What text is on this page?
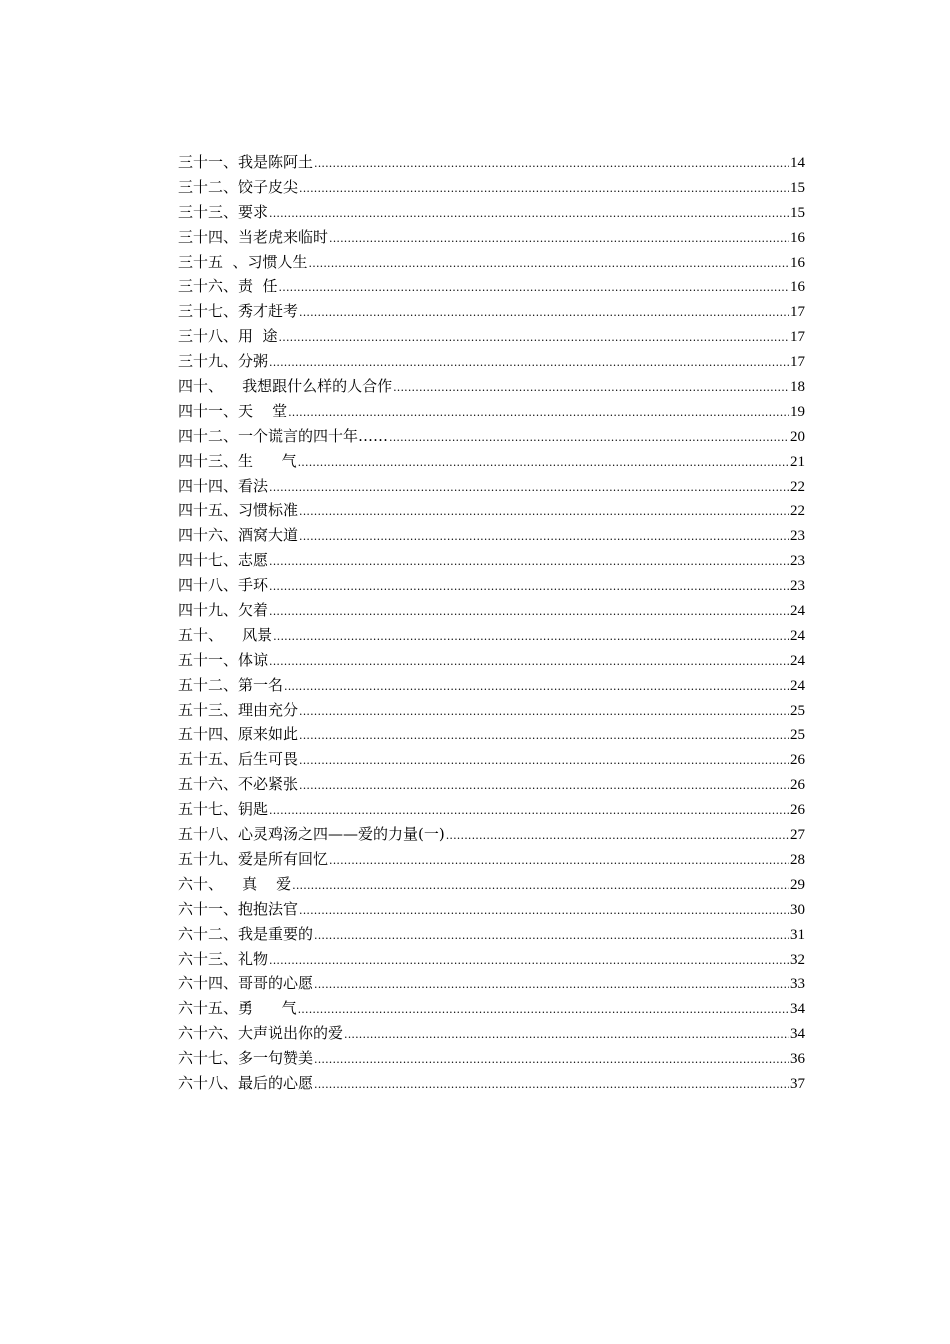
三十一、我是陈阿土 .....	14
三十二、饺子皮尖 .....	15
三十三、要求 .....	15
三十四、当老虎来临时 .....	16
三十五  、习惯人生 .....	16
三十六、责  任 .....	16
三十七、秀才赶考 .....	17
三十八、用  途 .....	17
三十九、分粥 .....	17
四十、    我想跟什么样的人合作 .....	18
四十一、天    堂 .....	19
四十二、一个谎言的四十年…… .....	20
四十三、生      气 .....	21
四十四、看法 .....	22
四十五、习惯标准 .....	22
四十六、酒窝大道 .....	23
四十七、志愿 .....	23
四十八、手环 .....	23
四十九、欠着 .....	24
五十、    风景 .....	24
五十一、体谅 .....	24
五十二、第一名 .....	24
五十三、理由充分 .....	25
五十四、原来如此 .....	25
五十五、后生可畏 .....	26
五十六、不必紧张 .....	26
五十七、钥匙 .....	26
五十八、心灵鸡汤之四——爱的力量(一) .....	27
五十九、爱是所有回忆 .....	28
六十、    真    爱 .....	29
六十一、抱抱法官 .....	30
六十二、我是重要的 .....	31
六十三、礼物 .....	32
六十四、哥哥的心愿 .....	33
六十五、勇      气 .....	34
六十六、大声说出你的爱 .....	34
六十七、多一句赞美 .....	36
六十八、最后的心愿 .....	37
